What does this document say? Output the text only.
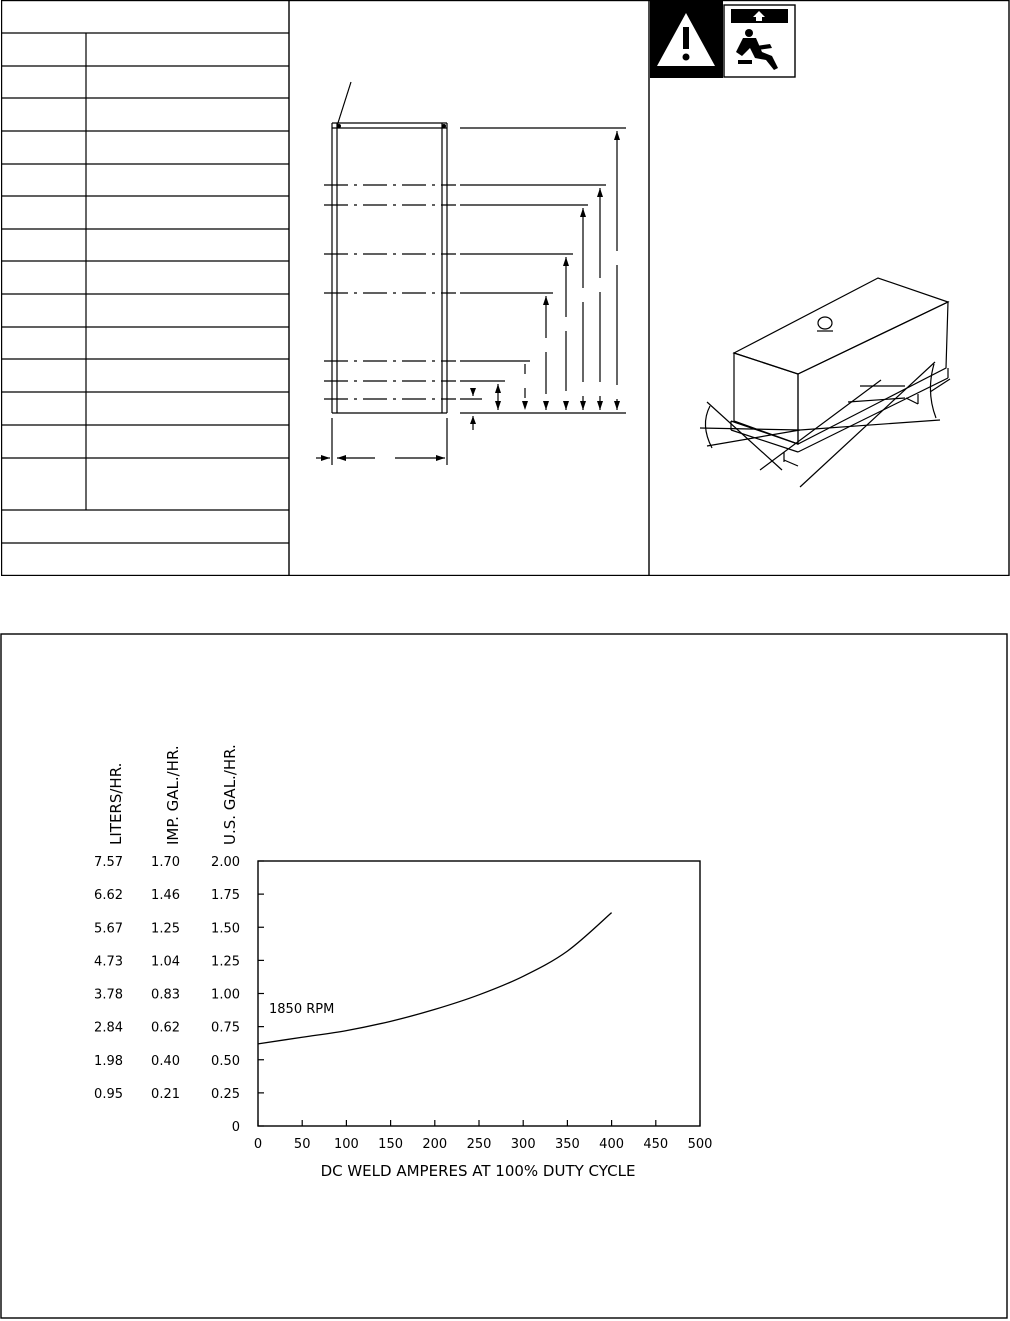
LITERS/HR.	IMP. GAL./HR.	U.S. GAL./HR.
0 50 100 150 200 250 300 350 400 450 500
7.57 1.70 2.00
6.62 1.46 1.75
5.67 1.25 1.50
4.73 1.04 1.25
3.78 0.83 1.00
2.84 0.62 0.75
1.98 0.40 0.50
0.95 0.21 0.25
0
1850 RPM
DC WELD AMPERES AT 100% DUTY CYCLE
